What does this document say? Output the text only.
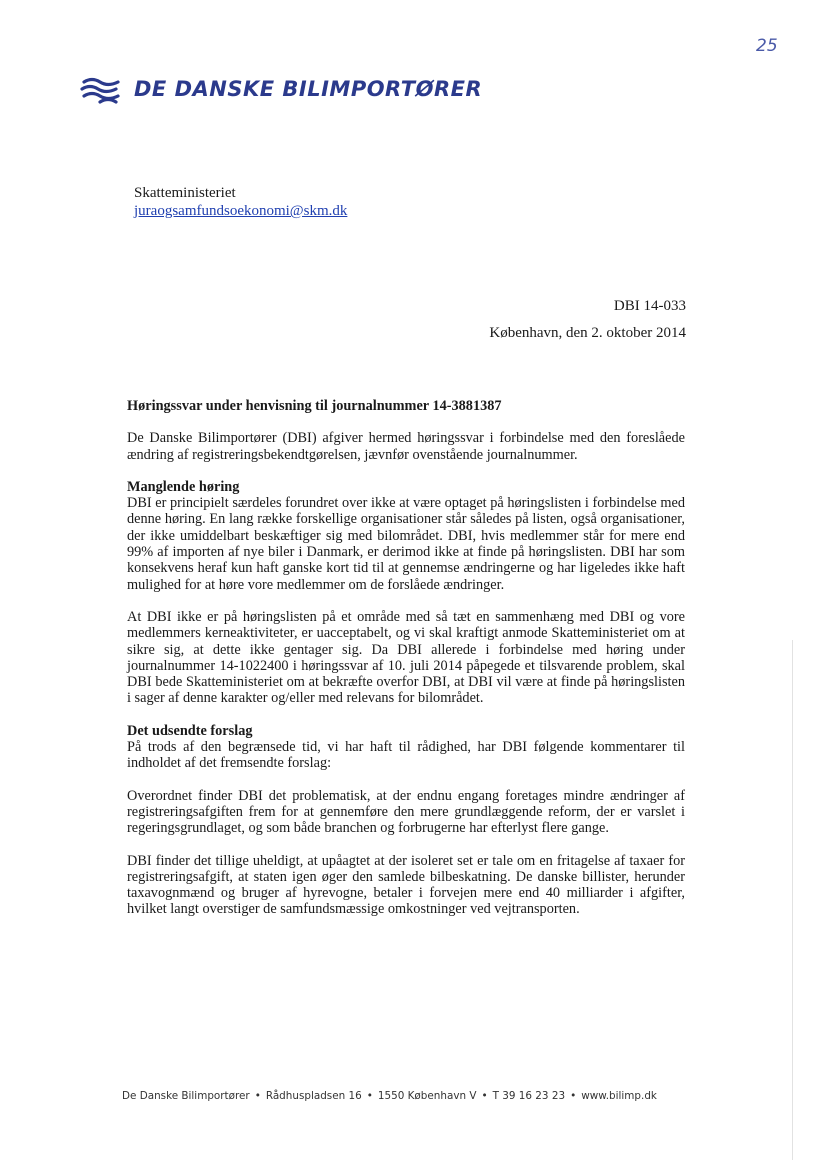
25
DE DANSKE BILIMPORTØRER
Skatteministeriet
juraogsamfundsoekonomi@skm.dk
DBI 14-033
København, den 2. oktober 2014
Høringssvar under henvisning til journalnummer 14-3881387

De Danske Bilimportører (DBI) afgiver hermed høringssvar i forbindelse med den foreslåede ændring af registreringsbekendtgørelsen, jævnfør ovenstående journalnummer.

Manglende høring

DBI er principielt særdeles forundret over ikke at være optaget på høringslisten i forbindelse med denne høring. En lang række forskellige organisationer står således på listen, også organisationer, der ikke umiddelbart beskæftiger sig med bilområdet. DBI, hvis medlemmer står for mere end 99% af importen af nye biler i Danmark, er derimod ikke at finde på høringslisten. DBI har som konsekvens heraf kun haft ganske kort tid til at gennemse ændringerne og har ligeledes ikke haft mulighed for at høre vore medlemmer om de forslåede ændringer.

At DBI ikke er på høringslisten på et område med så tæt en sammenhæng med DBI og vore medlemmers kerneaktiviteter, er uacceptabelt, og vi skal kraftigt anmode Skatteministeriet om at sikre sig, at dette ikke gentager sig. Da DBI allerede i forbindelse med høring under journalnummer 14-1022400 i høringssvar af 10. juli 2014 påpegede et tilsvarende problem, skal DBI bede Skatteministeriet om at bekræfte overfor DBI, at DBI vil være at finde på høringslisten i sager af denne karakter og/eller med relevans for bilområdet.

Det udsendte forslag

På trods af den begrænsede tid, vi har haft til rådighed, har DBI følgende kommentarer til indholdet af det fremsendte forslag:

Overordnet finder DBI det problematisk, at der endnu engang foretages mindre ændringer af registreringsafgiften frem for at gennemføre den mere grundlæggende reform, der er varslet i regeringsgrundlaget, og som både branchen og forbrugerne har efterlyst flere gange.

DBI finder det tillige uheldigt, at upåagtet at der isoleret set er tale om en fritagelse af taxaer for registreringsafgift, at staten igen øger den samlede bilbeskatning. De danske billister, herunder taxavognmænd og bruger af hyrevogne, betaler i forvejen mere end 40 milliarder i afgifter, hvilket langt overstiger de samfundsmæssige omkostninger ved vejtransporten.

De Danske Bilimportører • Rådhuspladsen 16 • 1550 København V • T 39 16 23 23 • www.bilimp.dk
